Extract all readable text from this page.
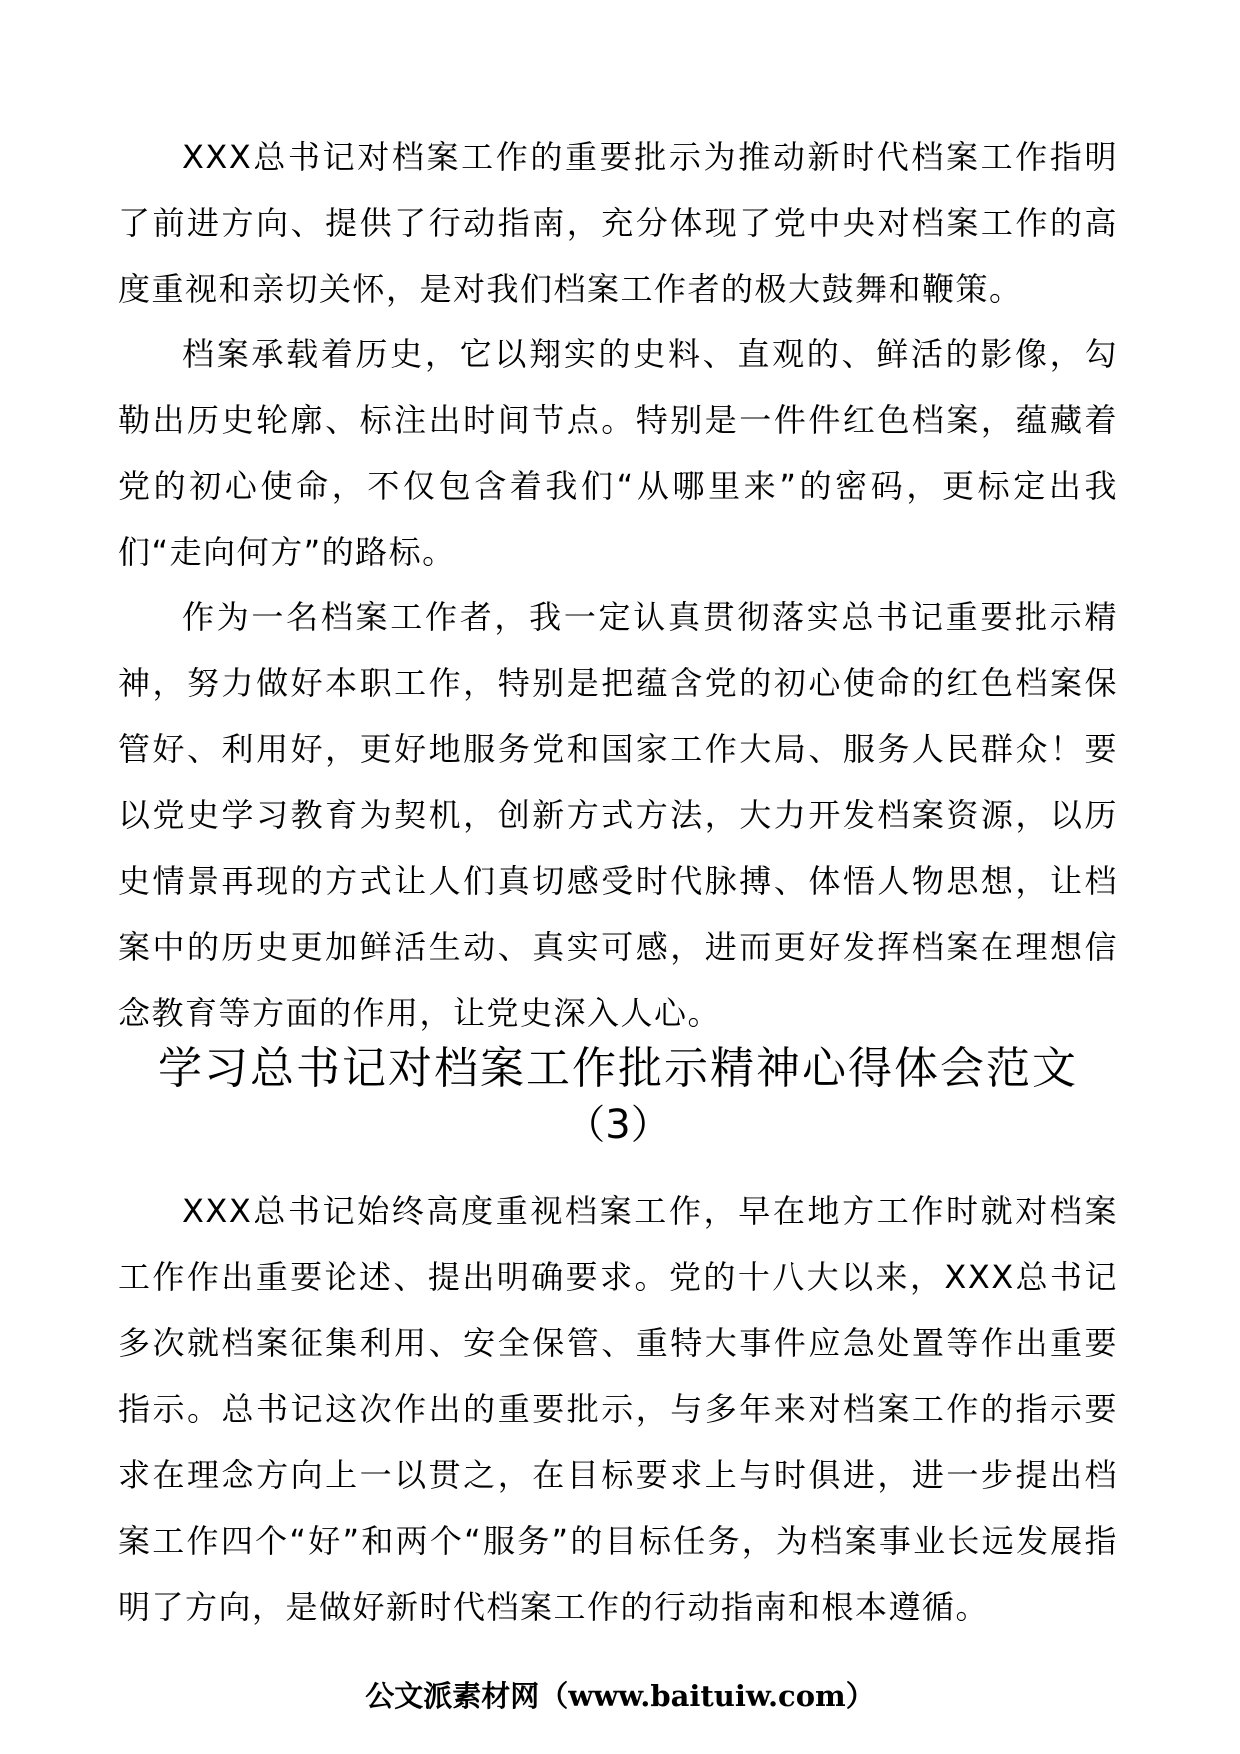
XXX总书记对档案工作的重要批示为推动新时代档案工作指明了前进方向、提供了行动指南，充分体现了党中央对档案工作的高度重视和亲切关怀，是对我们档案工作者的极大鼓舞和鞭策。

档案承载着历史，它以翔实的史料、直观的、鲜活的影像，勾勒出历史轮廓、标注出时间节点。特别是一件件红色档案，蕴藏着党的初心使命，不仅包含着我们“从哪里来”的密码，更标定出我们“走向何方”的路标。

作为一名档案工作者，我一定认真贯彻落实总书记重要批示精神，努力做好本职工作，特别是把蕴含党的初心使命的红色档案保管好、利用好，更好地服务党和国家工作大局、服务人民群众！要以党史学习教育为契机，创新方式方法，大力开发档案资源，以历史情景再现的方式让人们真切感受时代脉搏、体悟人物思想，让档案中的历史更加鲜活生动、真实可感，进而更好发挥档案在理想信念教育等方面的作用，让党史深入人心。

学习总书记对档案工作批示精神心得体会范文
（3）

XXX总书记始终高度重视档案工作，早在地方工作时就对档案工作作出重要论述、提出明确要求。党的十八大以来，XXX总书记多次就档案征集利用、安全保管、重特大事件应急处置等作出重要指示。总书记这次作出的重要批示，与多年来对档案工作的指示要求在理念方向上一以贯之，在目标要求上与时俱进，进一步提出档案工作四个“好”和两个“服务”的目标任务，为档案事业长远发展指明了方向，是做好新时代档案工作的行动指南和根本遵循。

公文派素材网（www.baituiw.com）
